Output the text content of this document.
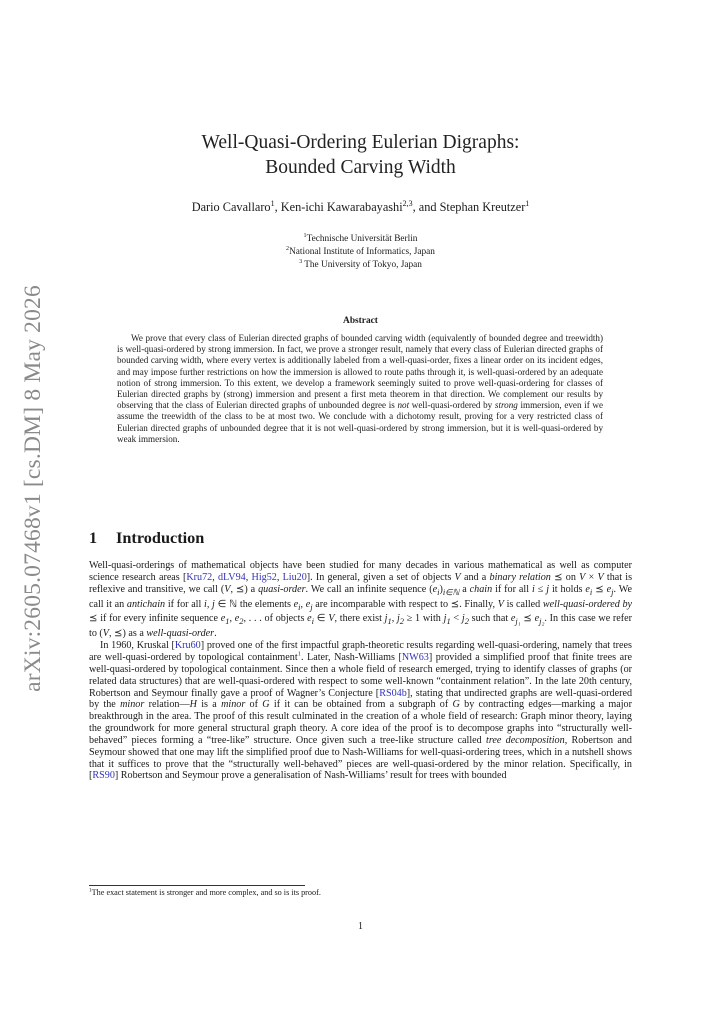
arXiv:2605.07468v1 [cs.DM] 8 May 2026
Well-Quasi-Ordering Eulerian Digraphs:
Bounded Carving Width
Dario Cavallaro$^1$, Ken-ichi Kawarabayashi$^{2,3}$, and Stephan Kreutzer$^1$
$^1$Technische Universität Berlin
$^2$National Institute of Informatics, Japan
$^3$ The University of Tokyo, Japan
Abstract

We prove that every class of Eulerian directed graphs of bounded carving width (equivalently of bounded degree and treewidth) is well-quasi-ordered by strong immersion. In fact, we prove a stronger result, namely that every class of Eulerian directed graphs of bounded carving width, where every vertex is additionally labeled from a well-quasi-order, fixes a linear order on its incident edges, and may impose further restrictions on how the immersion is allowed to route paths through it, is well-quasi-ordered by an adequate notion of strong immersion. To this extent, we develop a framework seemingly suited to prove well-quasi-ordering for classes of Eulerian directed graphs by (strong) immersion and present a first meta theorem in that direction. We complement our results by observing that the class of Eulerian directed graphs of unbounded degree is not well-quasi-ordered by strong immersion, even if we assume the treewidth of the class to be at most two. We conclude with a dichotomy result, proving for a very restricted class of Eulerian directed graphs of unbounded degree that it is not well-quasi-ordered by strong immersion, but it is well-quasi-ordered by weak immersion.

1 Introduction

Well-quasi-orderings of mathematical objects have been studied for many decades in various mathematical as well as computer science research areas [Kru72, dLV94, Hig52, Liu20]. In general, given a set of objects V and a binary relation ⪯ on V × V that is reflexive and transitive, we call (V, ⪯) a quasi-order. We call an infinite sequence $(e_i)_{i\in ℕ}$ a chain if for all i ≤ j it holds $e_i$ ⪯ $e_j$. We call it an antichain if for all i, j ∈ ℕ the elements $e_i$, $e_j$ are incomparable with respect to ⪯. Finally, V is called well-quasi-ordered by ⪯ if for every infinite sequence $e_1$, $e_2$, . . . of objects $e_i$ ∈ V, there exist $j_1$, $j_2 \ge 1$ with $j_1 < j_2$ such that $e_{j_1}$ ⪯ $e_{j_2}$. In this case we refer to (V, ⪯) as a well-quasi-order.

In 1960, Kruskal [Kru60] proved one of the first impactful graph-theoretic results regarding well-quasi-ordering, namely that trees are well-quasi-ordered by topological containment$^1$. Later, Nash-Williams [NW63] provided a simplified proof that finite trees are well-quasi-ordered by topological containment. Since then a whole field of research emerged, trying to identify classes of graphs (or related data structures) that are well-quasi-ordered with respect to some well-known “containment relation”. In the late 20th century, Robertson and Seymour finally gave a proof of Wagner’s Conjecture [RS04b], stating that undirected graphs are well-quasi-ordered by the minor relation—H is a minor of G if it can be obtained from a subgraph of G by contracting edges—marking a major breakthrough in the area. The proof of this result culminated in the creation of a whole field of research: Graph minor theory, laying the groundwork for more general structural graph theory. A core idea of the proof is to decompose graphs into “structurally well-behaved” pieces forming a “tree-like” structure. Once given such a tree-like structure called tree decomposition, Robertson and Seymour showed that one may lift the simplified proof due to Nash-Williams for well-quasi-ordering trees, which in a nutshell shows that it suffices to prove that the “structurally well-behaved” pieces are well-quasi-ordered by the minor relation. Specifically, in [RS90] Robertson and Seymour prove a generalisation of Nash-Williams’ result for trees with bounded

$^1$The exact statement is stronger and more complex, and so is its proof.
1
